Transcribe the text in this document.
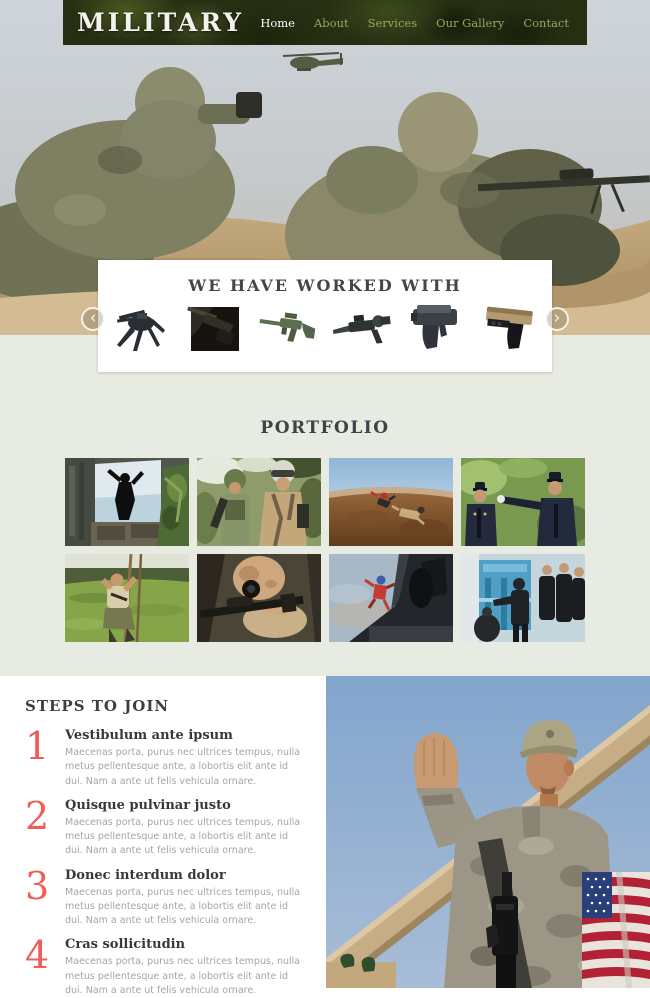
MILITARY Home About Services Our Gallery Contact
WE HAVE WORKED WITH
‹	›
PORTFOLIO
STEPS TO JOIN
1	Vestibulum ante ipsum
Maecenas porta, purus nec ultrices tempus, nulla metus pellentesque ante, a lobortis elit ante id dui. Nam a ante ut felis vehicula ornare.
2	Quisque pulvinar justo
Maecenas porta, purus nec ultrices tempus, nulla metus pellentesque ante, a lobortis elit ante id dui. Nam a ante ut felis vehicula ornare.
3	Donec interdum dolor
Maecenas porta, purus nec ultrices tempus, nulla metus pellentesque ante, a lobortis elit ante id dui. Nam a ante ut felis vehicula ornare.
4	Cras sollicitudin
Maecenas porta, purus nec ultrices tempus, nulla metus pellentesque ante, a lobortis elit ante id dui. Nam a ante ut felis vehicula ornare.
